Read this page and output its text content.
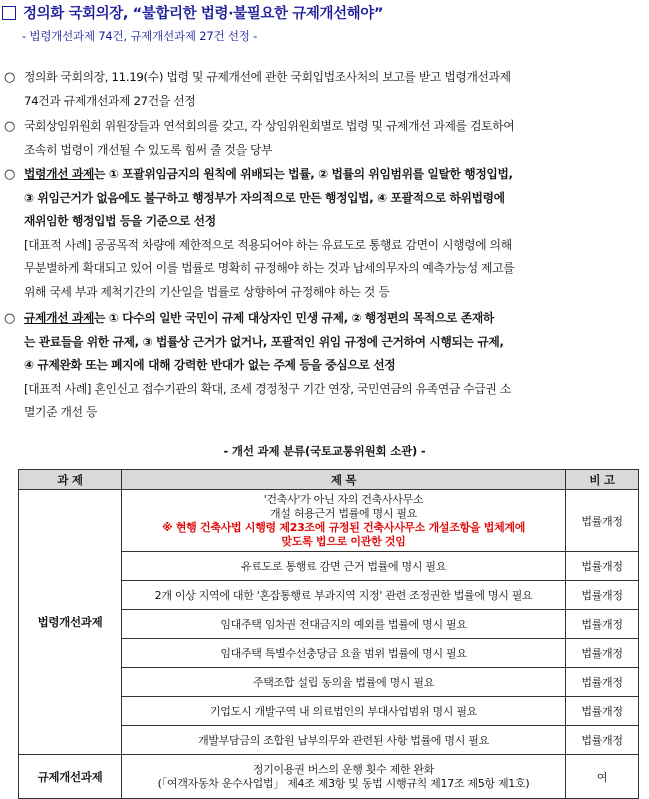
정의화 국회의장, “불합리한 법령·불필요한 규제개선해야”
- 법령개선과제 74건, 규제개선과제 27건 선정 -
○ 정의화 국회의장, 11.19(수) 법령 및 규제개선에 관한 국회입법조사처의 보고를 받고 법령개선과제
74건과 규제개선과제 27건을 선정
○ 국회상임위원회 위원장들과 연석회의를 갖고, 각 상임위원회별로 법령 및 규제개선 과제를 검토하여
조속히 법령이 개선될 수 있도록 힘써 줄 것을 당부
○ 법령개선 과제는 ① 포괄위임금지의 원칙에 위배되는 법률, ② 법률의 위임범위를 일탈한 행정입법,
③ 위임근거가 없음에도 불구하고 행정부가 자의적으로 만든 행정입법, ④ 포괄적으로 하위법령에
재위임한 행정입법 등을 기준으로 선정
[대표적 사례] 공공목적 차량에 제한적으로 적용되어야 하는 유료도로 통행료 감면이 시행령에 의해
무분별하게 확대되고 있어 이를 법률로 명확히 규정해야 하는 것과 납세의무자의 예측가능성 제고를
위해 국세 부과 제척기간의 기산일을 법률로 상향하여 규정해야 하는 것 등
○ 규제개선 과제는 ① 다수의 일반 국민이 규제 대상자인 민생 규제, ② 행정편의 목적으로 존재하
는 관료들을 위한 규제, ③ 법률상 근거가 없거나, 포괄적인 위임 규정에 근거하여 시행되는 규제,
④ 규제완화 또는 폐지에 대해 강력한 반대가 없는 주제 등을 중심으로 선정
[대표적 사례] 혼인신고 접수기관의 확대, 조세 경정청구 기간 연장, 국민연금의 유족연금 수급권 소
멸기준 개선 등
- 개선 과제 분류(국토교통위원회 소관) -
과 제	제 목	비 고
법령개선과제	'건축사'가 아닌 자의 건축사사무소
개설 허용근거 법률에 명시 필요
※ 현행 건축사법 시행령 제23조에 규정된 건축사사무소 개설조항을 법체계에
맞도록 법으로 이관한 것임	법률개정
	유료도로 통행료 감면 근거 법률에 명시 필요	법률개정
	2개 이상 지역에 대한 '혼잡통행료 부과지역 지정' 관련 조정권한 법률에 명시 필요	법률개정
	임대주택 임차권 전대금지의 예외를 법률에 명시 필요	법률개정
	임대주택 특별수선충당금 요율 범위 법률에 명시 필요	법률개정
	주택조합 설립 동의율 법률에 명시 필요	법률개정
	기업도시 개발구역 내 의료법인의 부대사업범위 명시 필요	법률개정
	개발부담금의 조합원 납부의무와 관련된 사항 법률에 명시 필요	법률개정
규제개선과제	정기이용권 버스의 운행 횟수 제한 완화
(「여객자동차 운수사업법」 제4조 제3항 및 동법 시행규칙 제17조 제5항 제1호)	여
